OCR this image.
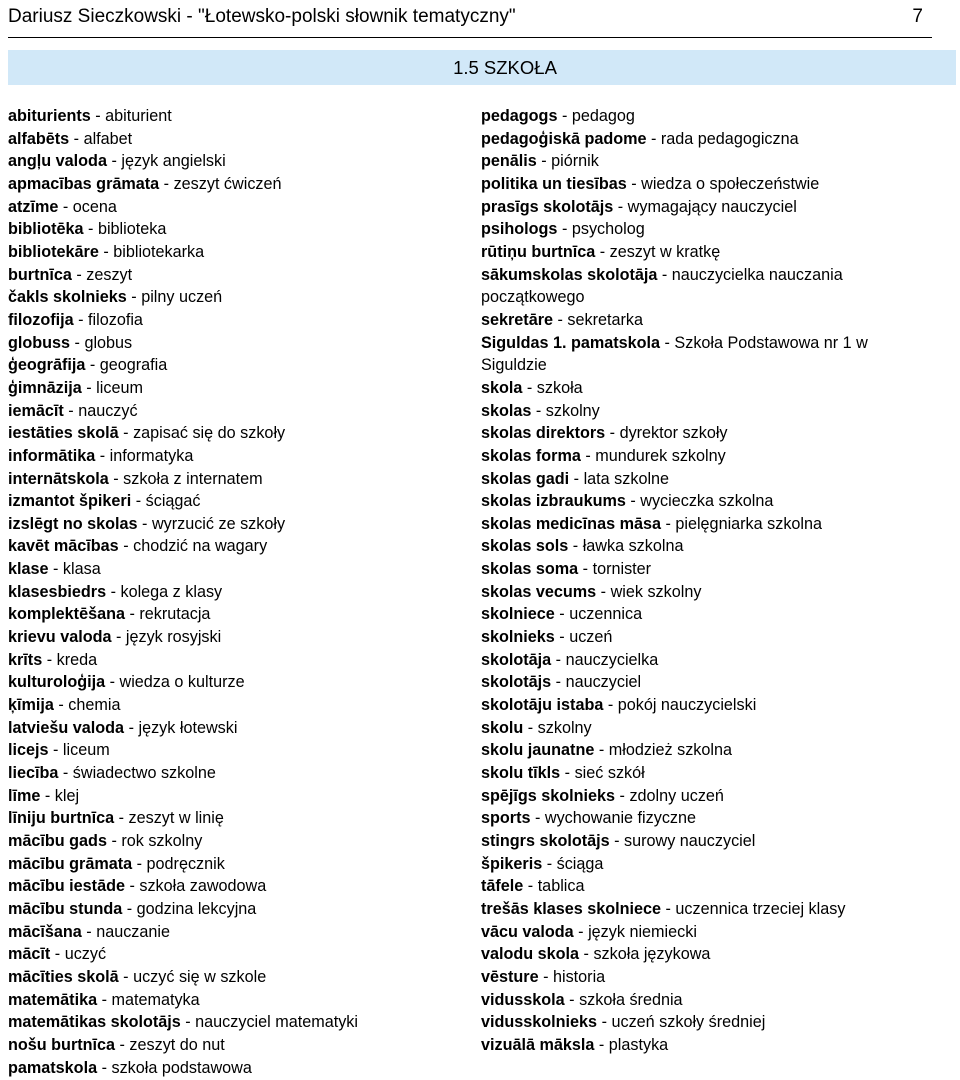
Dariusz Sieczkowski - "Łotewsko-polski słownik tematyczny"	7
1.5 SZKOŁA
abiturients - abiturient
alfabēts - alfabet
angļu valoda - język angielski
apmacības grāmata - zeszyt ćwiczeń
atzīme - ocena
bibliotēka - biblioteka
bibliotekāre - bibliotekarka
burtnīca - zeszyt
čakls skolnieks - pilny uczeń
filozofija - filozofia
globuss - globus
ģeogrāfija - geografia
ģimnāzija - liceum
iemācīt - nauczyć
iestāties skolā - zapisać się do szkoły
informātika - informatyka
internātskola - szkoła z internatem
izmantot špikeri - ściągać
izslēgt no skolas - wyrzucić ze szkoły
kavēt mācības - chodzić na wagary
klase - klasa
klasesbiedrs - kolega z klasy
komplektēšana - rekrutacja
krievu valoda - język rosyjski
krīts - kreda
kulturoloģija - wiedza o kulturze
ķīmija - chemia
latviešu valoda - język łotewski
licejs - liceum
liecība - świadectwo szkolne
līme - klej
līniju burtnīca - zeszyt w linię
mācību gads - rok szkolny
mācību grāmata - podręcznik
mācību iestāde - szkoła zawodowa
mācību stunda - godzina lekcyjna
mācīšana - nauczanie
mācīt - uczyć
mācīties skolā - uczyć się w szkole
matemātika - matematyka
matemātikas skolotājs - nauczyciel matematyki
nošu burtnīca - zeszyt do nut
pamatskola - szkoła podstawowa
pedagogs - pedagog
pedagoģiskā padome - rada pedagogiczna
penālis - piórnik
politika un tiesības - wiedza o społeczeństwie
prasīgs skolotājs - wymagający nauczyciel
psihologs - psycholog
rūtiņu burtnīca - zeszyt w kratkę
sākumskolas skolotāja - nauczycielka nauczania
początkowego
sekretāre - sekretarka
Siguldas 1. pamatskola - Szkoła Podstawowa nr 1 w
Siguldzie
skola - szkoła
skolas - szkolny
skolas direktors - dyrektor szkoły
skolas forma - mundurek szkolny
skolas gadi - lata szkolne
skolas izbraukums - wycieczka szkolna
skolas medicīnas māsa - pielęgniarka szkolna
skolas sols - ławka szkolna
skolas soma - tornister
skolas vecums - wiek szkolny
skolniece - uczennica
skolnieks - uczeń
skolotāja - nauczycielka
skolotājs - nauczyciel
skolotāju istaba - pokój nauczycielski
skolu - szkolny
skolu jaunatne - młodzież szkolna
skolu tīkls - sieć szkół
spējīgs skolnieks - zdolny uczeń
sports - wychowanie fizyczne
stingrs skolotājs - surowy nauczyciel
špikeris - ściąga
tāfele - tablica
trešās klases skolniece - uczennica trzeciej klasy
vācu valoda - język niemiecki
valodu skola - szkoła językowa
vēsture - historia
vidusskola - szkoła średnia
vidusskolnieks - uczeń szkoły średniej
vizuālā māksla - plastyka
